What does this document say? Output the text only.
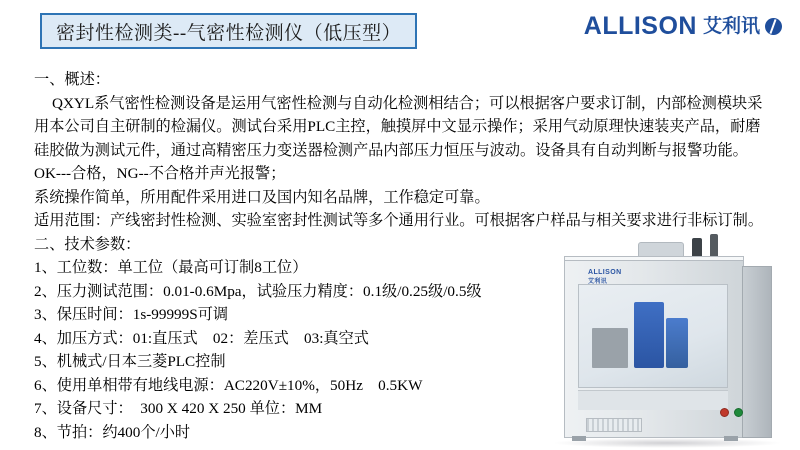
密封性检测类--气密性检测仪（低压型）	ALLISON 艾利讯
一、概述：
QXYL系气密性检测设备是运用气密性检测与自动化检测相结合；可以根据客户要求订制，内部检测模块采用本公司自主研制的检漏仪。测试台采用PLC主控，触摸屏中文显示操作；采用气动原理快速装夹产品，耐磨硅胶做为测试元件，通过高精密压力变送器检测产品内部压力恒压与波动。设备具有自动判断与报警功能。
OK---合格，NG--不合格并声光报警；
系统操作简单，所用配件采用进口及国内知名品牌，工作稳定可靠。
适用范围：产线密封性检测、实验室密封性测试等多个通用行业。可根据客户样品与相关要求进行非标订制。
二、技术参数：
1、工位数：单工位（最高可订制8工位）
2、压力测试范围：0.01-0.6Mpa，试验压力精度：0.1级/0.25级/0.5级
3、保压时间：1s-99999S可调
4、加压方式：01:直压式　02：差压式　03:真空式
5、机械式/日本三菱PLC控制
6、使用单相带有地线电源：AC220V±10%，50Hz　0.5KW
7、设备尺寸：　300 X 420 X 250 单位：MM
8、节拍：约400个/小时
ALLISON
艾利讯
